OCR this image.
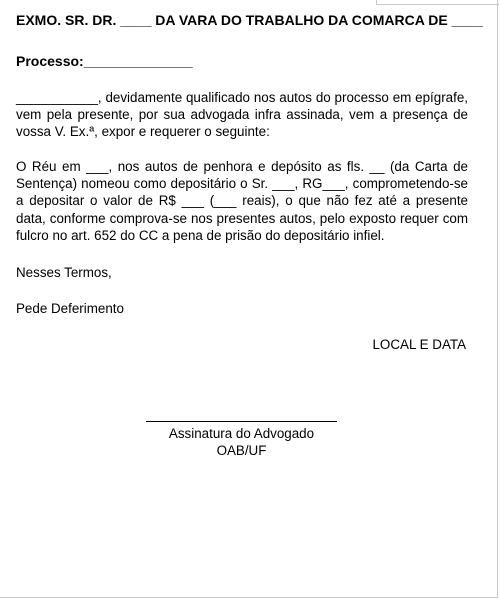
EXMO. SR. DR. ____ DA VARA DO TRABALHO DA COMARCA DE ____
Processo:______________
___________, devidamente qualificado nos autos do processo em epígrafe, vem pela presente, por sua advogada infra assinada, vem a presença de vossa V. Ex.ª, expor e requerer o seguinte:
O Réu em ___, nos autos de penhora e depósito as fls. __ (da Carta de Sentença) nomeou como depositário o Sr. ___, RG___, comprometendo-se a depositar o valor de R$ ___ (___ reais), o que não fez até a presente data, conforme comprova-se nos presentes autos, pelo exposto requer com fulcro no art. 652 do CC a pena de prisão do depositário infiel.
Nesses Termos,
Pede Deferimento
LOCAL E DATA
Assinatura do Advogado
OAB/UF
